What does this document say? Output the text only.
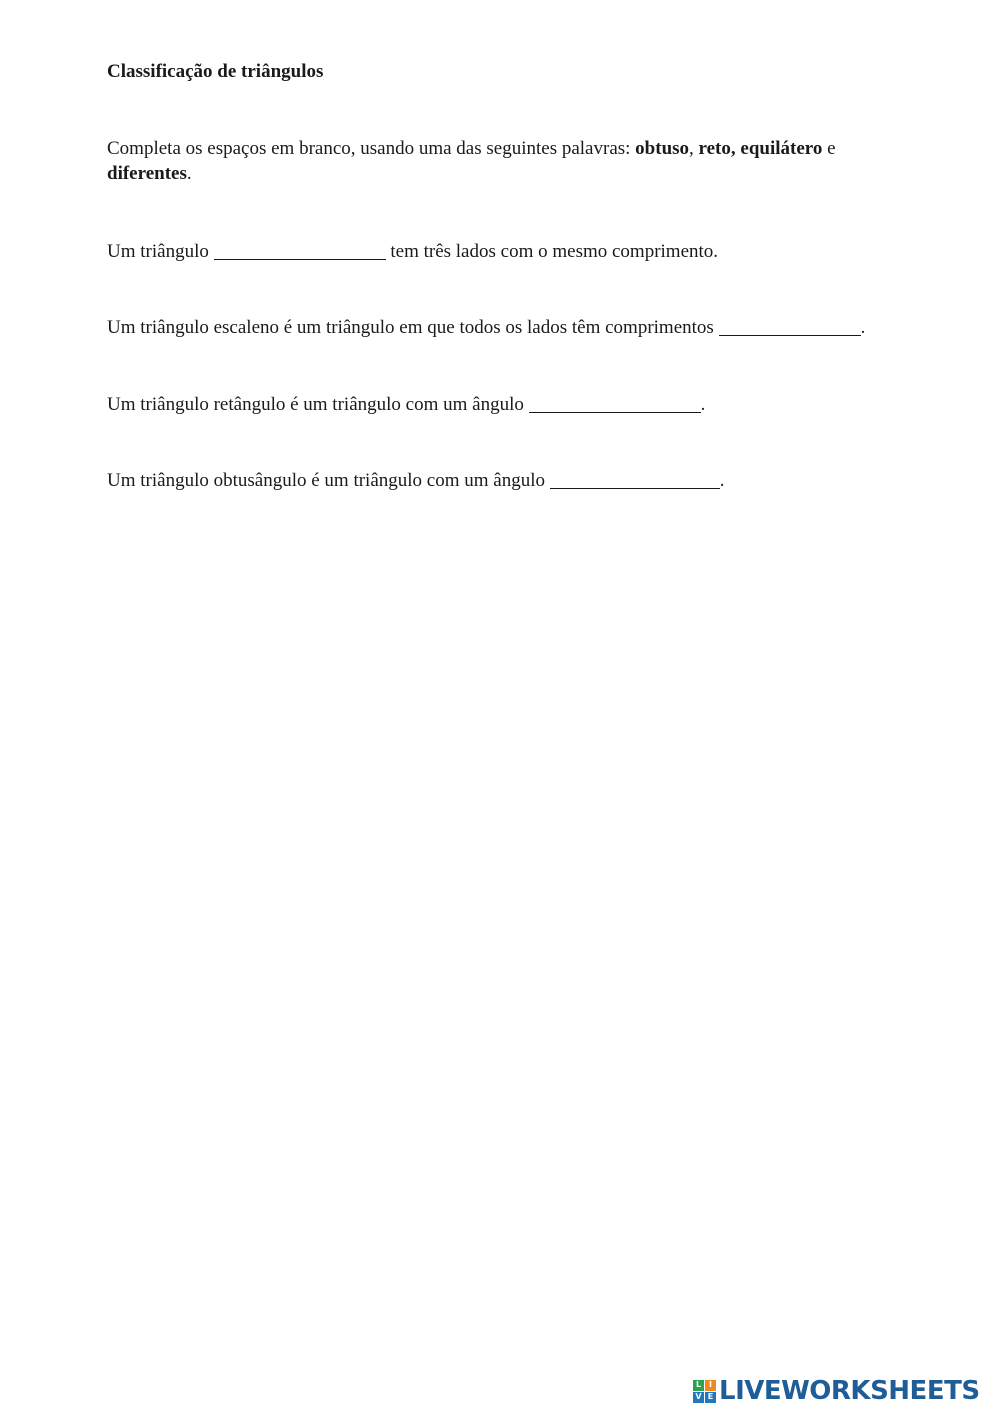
Classificação de triângulos

Completa os espaços em branco, usando uma das seguintes palavras: obtuso, reto, equilátero e diferentes.

Um triângulo	tem três lados com o mesmo comprimento.

Um triângulo escaleno é um triângulo em que todos os lados têm comprimentos	.

Um triângulo retângulo é um triângulo com um ângulo	.

Um triângulo obtusângulo é um triângulo com um ângulo	.

L I
V E LIVEWORKSHEETS
